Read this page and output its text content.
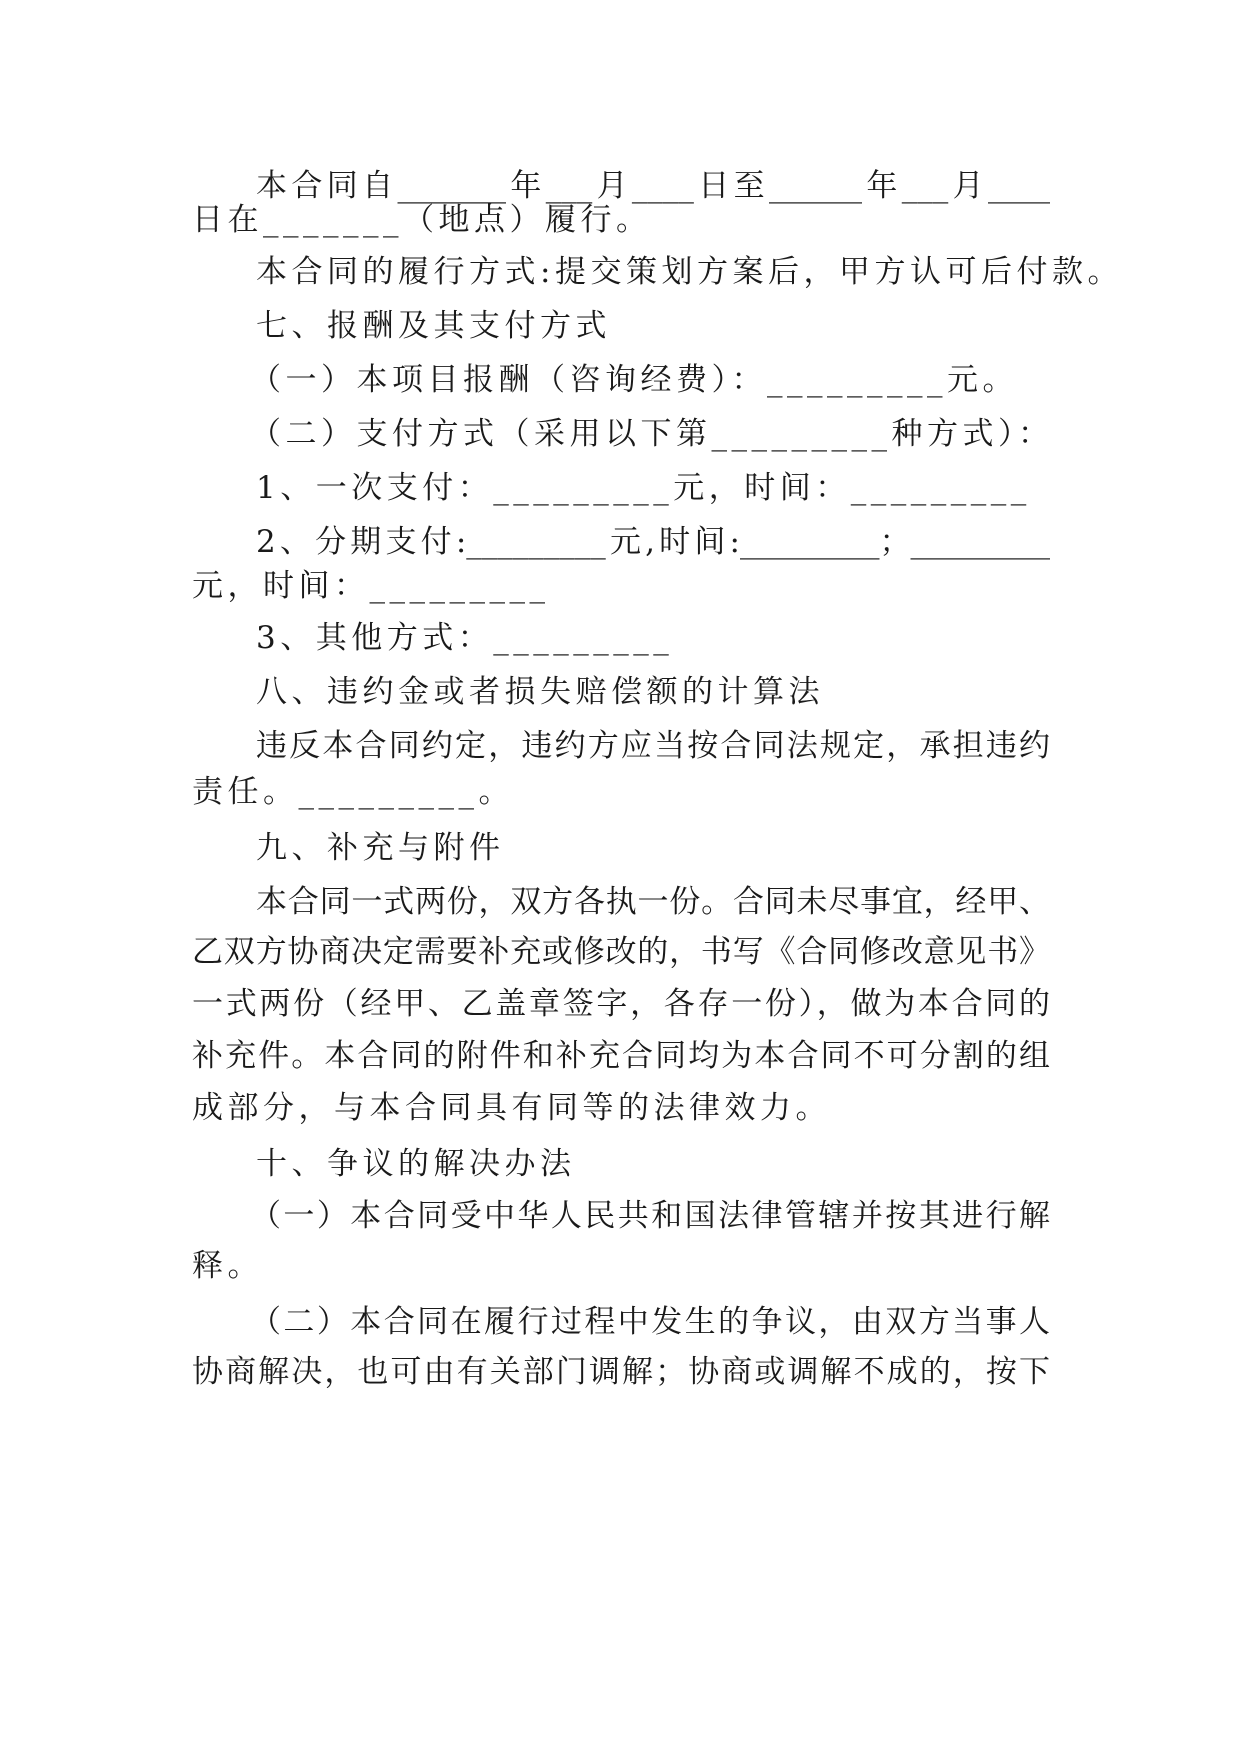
本合同自_______年___月____日至______年___月____
日在_______（地点）履行。
本合同的履行方式:提交策划方案后，甲方认可后付款。
七、报酬及其支付方式
（一）本项目报酬（咨询经费）：_________元。
（二）支付方式（采用以下第_________种方式）：
1、一次支付：_________元，时间：_________
2、分期支付:_________元,时间:_________；_________
元，时间：_________
3、其他方式：_________
八、违约金或者损失赔偿额的计算法
违反本合同约定，违约方应当按合同法规定，承担违约
责任。_________。
九、补充与附件
本合同一式两份，双方各执一份。合同未尽事宜，经甲、
乙双方协商决定需要补充或修改的，书写《合同修改意见书》
一式两份（经甲、乙盖章签字，各存一份），做为本合同的
补充件。本合同的附件和补充合同均为本合同不可分割的组
成部分，与本合同具有同等的法律效力。
十、争议的解决办法
（一）本合同受中华人民共和国法律管辖并按其进行解
释。
（二）本合同在履行过程中发生的争议，由双方当事人
协商解决，也可由有关部门调解；协商或调解不成的，按下
